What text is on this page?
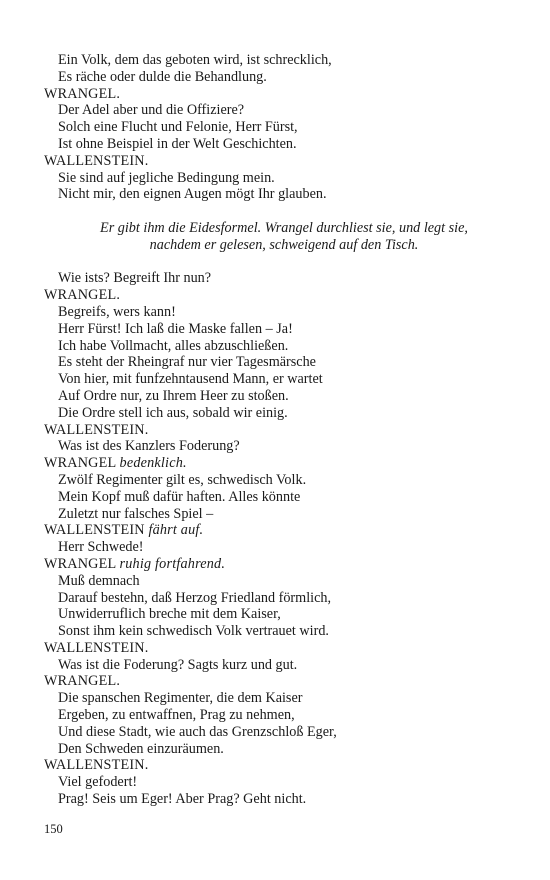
Ein Volk, dem das geboten wird, ist schrecklich,
Es räche oder dulde die Behandlung.
WRANGEL.
Der Adel aber und die Offiziere?
Solch eine Flucht und Felonie, Herr Fürst,
Ist ohne Beispiel in der Welt Geschichten.
WALLENSTEIN.
Sie sind auf jegliche Bedingung mein.
Nicht mir, den eignen Augen mögt Ihr glauben.
Er gibt ihm die Eidesformel. Wrangel durchliest sie, und legt sie,
nachdem er gelesen, schweigend auf den Tisch.
Wie ists? Begreift Ihr nun?
WRANGEL.
Begreifs, wers kann!
Herr Fürst! Ich laß die Maske fallen – Ja!
Ich habe Vollmacht, alles abzuschließen.
Es steht der Rheingraf nur vier Tagesmärsche
Von hier, mit funfzehntausend Mann, er wartet
Auf Ordre nur, zu Ihrem Heer zu stoßen.
Die Ordre stell ich aus, sobald wir einig.
WALLENSTEIN.
Was ist des Kanzlers Foderung?
WRANGEL bedenklich.
Zwölf Regimenter gilt es, schwedisch Volk.
Mein Kopf muß dafür haften. Alles könnte
Zuletzt nur falsches Spiel –
WALLENSTEIN fährt auf.
Herr Schwede!
WRANGEL ruhig fortfahrend.
Muß demnach
Darauf bestehn, daß Herzog Friedland förmlich,
Unwiderruflich breche mit dem Kaiser,
Sonst ihm kein schwedisch Volk vertrauet wird.
WALLENSTEIN.
Was ist die Foderung? Sagts kurz und gut.
WRANGEL.
Die spanschen Regimenter, die dem Kaiser
Ergeben, zu entwaffnen, Prag zu nehmen,
Und diese Stadt, wie auch das Grenzschloß Eger,
Den Schweden einzuräumen.
WALLENSTEIN.
Viel gefodert!
Prag! Seis um Eger! Aber Prag? Geht nicht.
150
